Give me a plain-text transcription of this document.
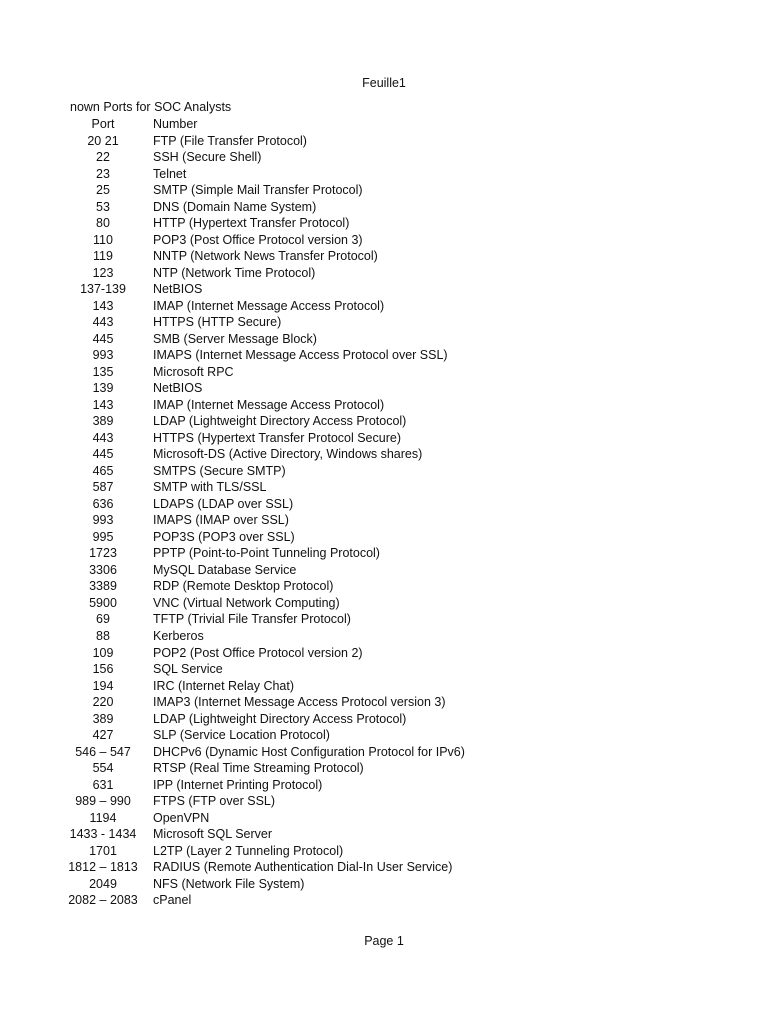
Feuille1
nown Ports for SOC Analysts
Port	Number
20 21	FTP (File Transfer Protocol)
22	SSH (Secure Shell)
23	Telnet
25	SMTP (Simple Mail Transfer Protocol)
53	DNS (Domain Name System)
80	HTTP (Hypertext Transfer Protocol)
110	POP3 (Post Office Protocol version 3)
119	NNTP (Network News Transfer Protocol)
123	NTP (Network Time Protocol)
137-139	NetBIOS
143	IMAP (Internet Message Access Protocol)
443	HTTPS (HTTP Secure)
445	SMB (Server Message Block)
993	IMAPS (Internet Message Access Protocol over SSL)
135	Microsoft RPC
139	NetBIOS
143	IMAP (Internet Message Access Protocol)
389	LDAP (Lightweight Directory Access Protocol)
443	HTTPS (Hypertext Transfer Protocol Secure)
445	Microsoft-DS (Active Directory, Windows shares)
465	SMTPS (Secure SMTP)
587	SMTP with TLS/SSL
636	LDAPS (LDAP over SSL)
993	IMAPS (IMAP over SSL)
995	POP3S (POP3 over SSL)
1723	PPTP (Point-to-Point Tunneling Protocol)
3306	MySQL Database Service
3389	RDP (Remote Desktop Protocol)
5900	VNC (Virtual Network Computing)
69	TFTP (Trivial File Transfer Protocol)
88	Kerberos
109	POP2 (Post Office Protocol version 2)
156	SQL Service
194	IRC (Internet Relay Chat)
220	IMAP3 (Internet Message Access Protocol version 3)
389	LDAP (Lightweight Directory Access Protocol)
427	SLP (Service Location Protocol)
546 – 547	DHCPv6 (Dynamic Host Configuration Protocol for IPv6)
554	RTSP (Real Time Streaming Protocol)
631	IPP (Internet Printing Protocol)
989 – 990	FTPS (FTP over SSL)
1194	OpenVPN
1433 - 1434	Microsoft SQL Server
1701	L2TP (Layer 2 Tunneling Protocol)
1812 – 1813	RADIUS (Remote Authentication Dial-In User Service)
2049	NFS (Network File System)
2082 – 2083	cPanel
Page 1
